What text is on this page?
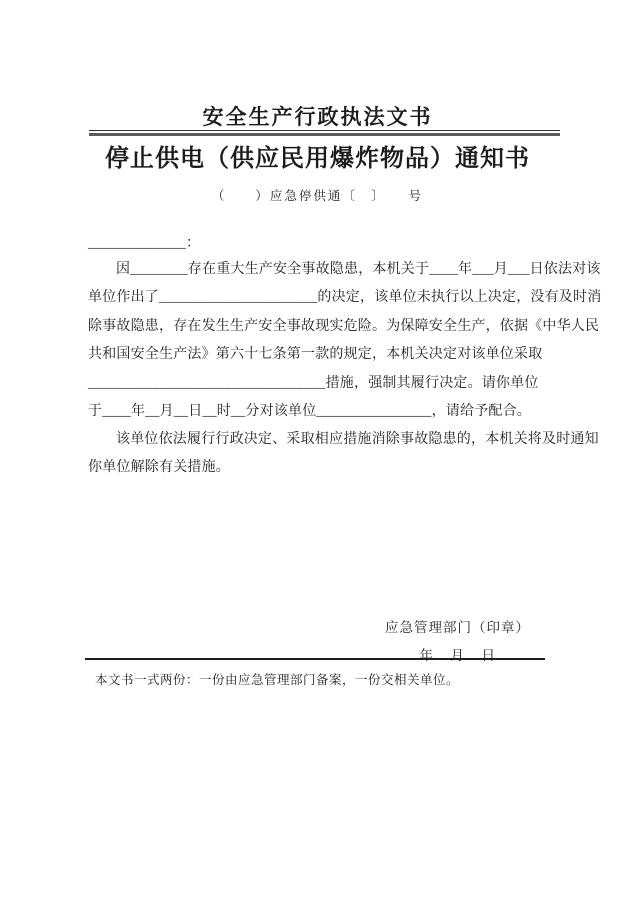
安全生产行政执法文书
停止供电（供应民用爆炸物品）通知书
（　　）应急停供通〔　〕　　号
______________：
因________存在重大生产安全事故隐患，本机关于____年___月___日依法对该
单位作出了______________________的决定，该单位未执行以上决定，没有及时消
除事故隐患，存在发生生产安全事故现实危险。为保障安全生产，依据《中华人民
共和国安全生产法》第六十七条第一款的规定，本机关决定对该单位采取
_________________________________措施，强制其履行决定。请你单位
于____年__月__日__时__分对该单位________________，请给予配合。
该单位依法履行行政决定、采取相应措施消除事故隐患的，本机关将及时通知
你单位解除有关措施。
应急管理部门（印章）
年　月　日
本文书一式两份：一份由应急管理部门备案，一份交相关单位。
